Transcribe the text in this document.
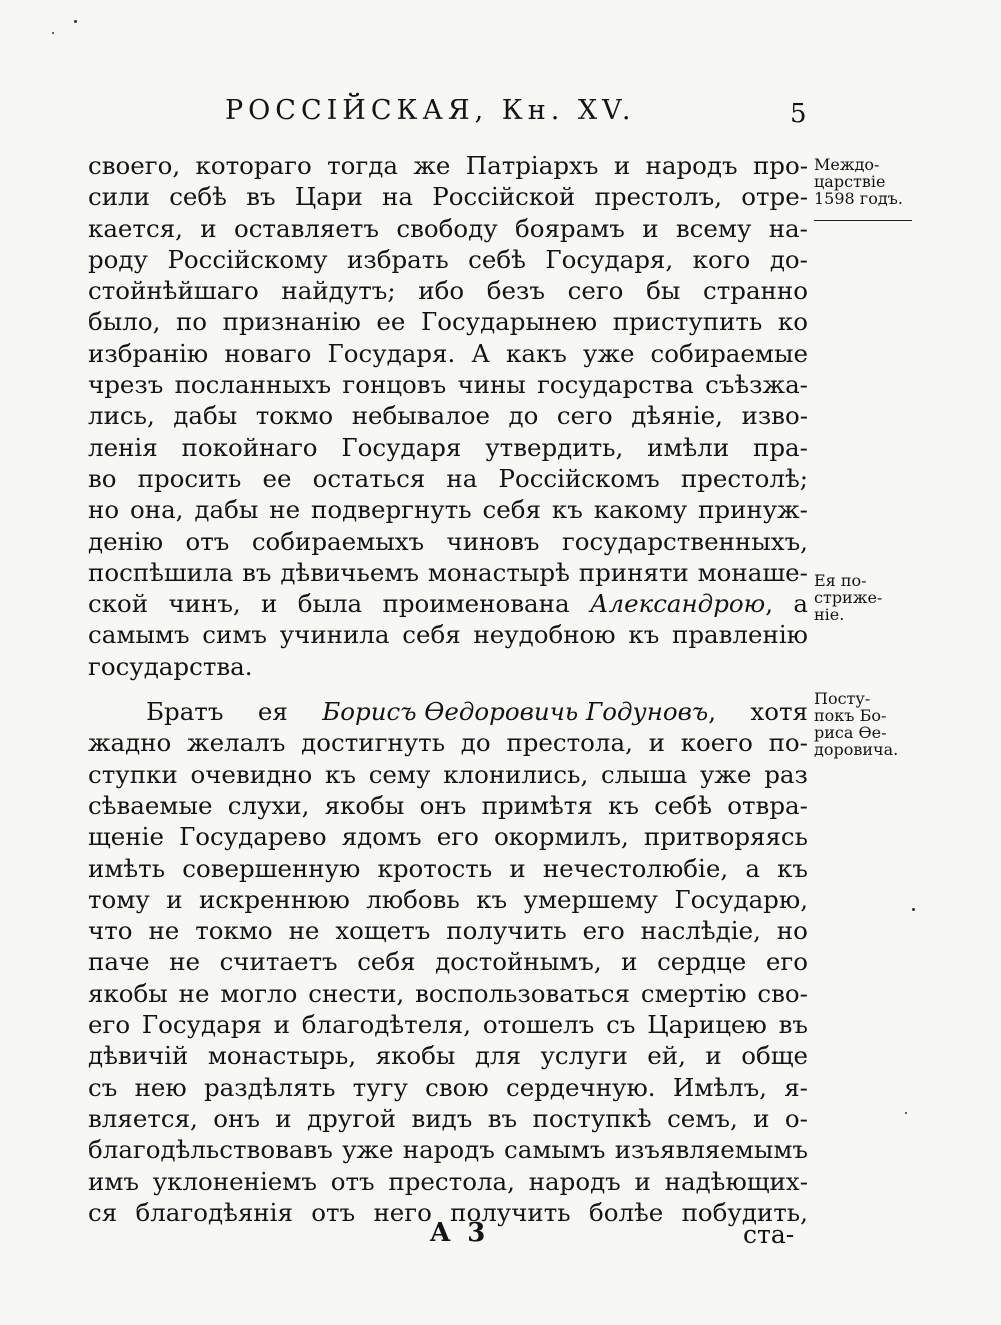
РОССІЙСКАЯ, Кн. XV.	5
своего, котораго тогда же Патріархъ и народъ про-
сили себѣ въ Цари на Россійской престолъ, отре-
кается, и оставляетъ свободу боярамъ и всему на-
роду Россійскому избрать себѣ Государя, кого до-
стойнѣйшаго найдутъ; ибо безъ сего бы странно
было, по признанію ее Государынею приступить ко
избранію новаго Государя. А какъ уже собираемые
чрезъ посланныхъ гонцовъ чины государства съѣзжа-
лись, дабы токмо небывалое до сего дѣяніе, изво-
ленія покойнаго Государя утвердить, имѣли пра-
во просить ее остаться на Россійскомъ престолѣ;
но она, дабы не подвергнуть себя къ какому принуж-
денію отъ собираемыхъ чиновъ государственныхъ,
поспѣшила въ дѣвичьемъ монастырѣ приняти монаше-
ской чинъ, и была проименована Александрою, а
самымъ симъ учинила себя неудобною къ правленію
государства.
Братъ ея Борисъ Ѳедоровичь Годуновъ, хотя
жадно желалъ достигнуть до престола, и коего по-
ступки очевидно къ сему клонились, слыша уже раз
сѣваемые слухи, якобы онъ примѣтя къ себѣ отвра-
щеніе Государево ядомъ его окормилъ, притворяясь
имѣть совершенную кротость и нечестолюбіе, а къ
тому и искреннюю любовь къ умершему Государю,
что не токмо не хощетъ получить его наслѣдіе, но
паче не считаетъ себя достойнымъ, и сердце его
якобы не могло снести, воспользоваться смертію сво-
его Государя и благодѣтеля, отошелъ съ Царицею въ
дѣвичій монастырь, якобы для услуги ей, и обще
съ нею раздѣлять тугу свою сердечную. Имѣлъ, я-
вляется, онъ и другой видъ въ поступкѣ семъ, и о-
благодѣльствовавъ уже народъ самымъ изъявляемымъ
имъ уклоненіемъ отъ престола, народъ и надѣющих-
ся благодѣянія отъ него получить болѣе побудить,
Междо-
царствіе
1598 годъ.
Ея по-
стриже-
ніе.
Посту-
покъ Бо-
риса Ѳе-
доровича.
A 3	ста-
